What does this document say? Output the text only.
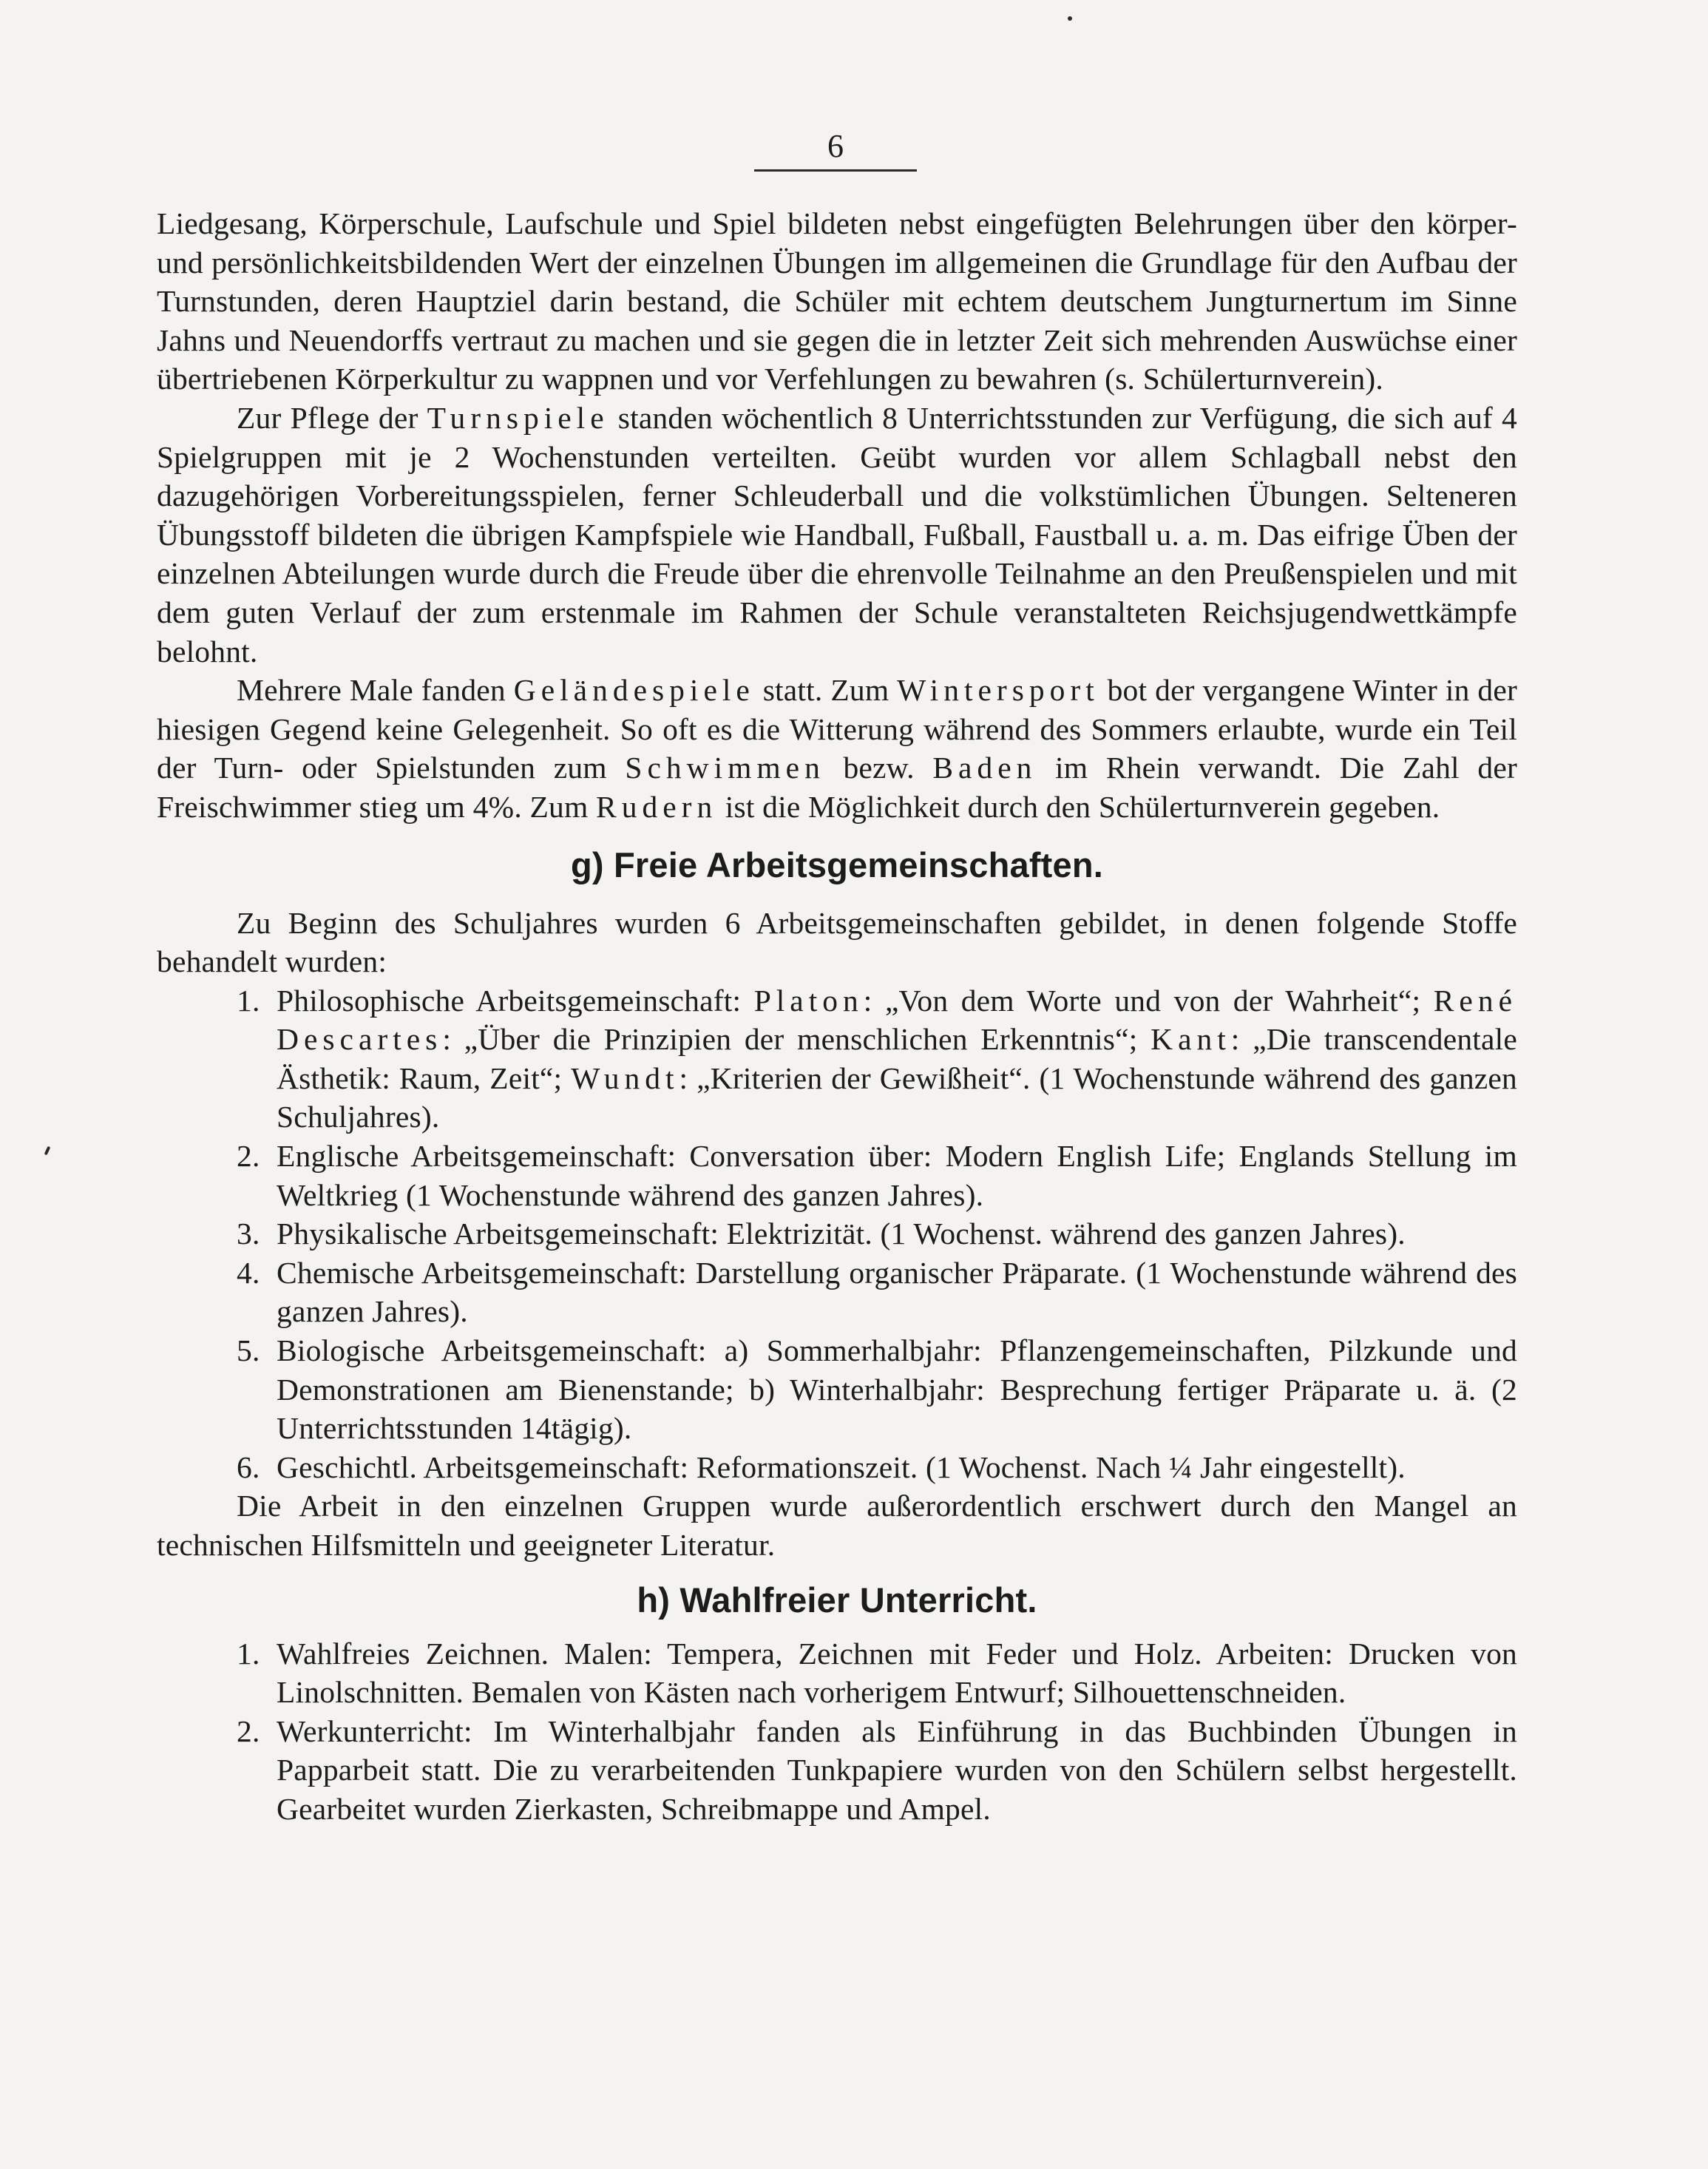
6

Liedgesang, Körperschule, Laufschule und Spiel bildeten nebst eingefügten Belehrungen über den körper- und persönlichkeitsbildenden Wert der einzelnen Übungen im allgemeinen die Grundlage für den Aufbau der Turnstunden, deren Hauptziel darin bestand, die Schüler mit echtem deutschem Jungturnertum im Sinne Jahns und Neuendorffs vertraut zu machen und sie gegen die in letzter Zeit sich mehrenden Auswüchse einer übertriebenen Körperkultur zu wappnen und vor Verfehlungen zu bewahren (s. Schülerturnverein).

Zur Pflege der Turnspiele standen wöchentlich 8 Unterrichtsstunden zur Verfügung, die sich auf 4 Spielgruppen mit je 2 Wochenstunden verteilten. Geübt wurden vor allem Schlagball nebst den dazugehörigen Vorbereitungsspielen, ferner Schleuderball und die volkstümlichen Übungen. Selteneren Übungsstoff bildeten die übrigen Kampfspiele wie Handball, Fußball, Faustball u. a. m. Das eifrige Üben der einzelnen Abteilungen wurde durch die Freude über die ehrenvolle Teilnahme an den Preußenspielen und mit dem guten Verlauf der zum erstenmale im Rahmen der Schule veranstalteten Reichsjugendwettkämpfe belohnt.

Mehrere Male fanden Geländespiele statt. Zum Wintersport bot der vergangene Winter in der hiesigen Gegend keine Gelegenheit. So oft es die Witterung während des Sommers erlaubte, wurde ein Teil der Turn- oder Spielstunden zum Schwimmen bezw. Baden im Rhein verwandt. Die Zahl der Freischwimmer stieg um 4%. Zum Rudern ist die Möglichkeit durch den Schülerturnverein gegeben.

g) Freie Arbeitsgemeinschaften.

Zu Beginn des Schuljahres wurden 6 Arbeitsgemeinschaften gebildet, in denen folgende Stoffe behandelt wurden:

1. Philosophische Arbeitsgemeinschaft: Platon: „Von dem Worte und von der Wahrheit“; René Descartes: „Über die Prinzipien der menschlichen Erkenntnis“; Kant: „Die transcendentale Ästhetik: Raum, Zeit“; Wundt: „Kriterien der Gewißheit“. (1 Wochenstunde während des ganzen Schuljahres).
2. Englische Arbeitsgemeinschaft: Conversation über: Modern English Life; Englands Stellung im Weltkrieg (1 Wochenstunde während des ganzen Jahres).
3. Physikalische Arbeitsgemeinschaft: Elektrizität. (1 Wochenst. während des ganzen Jahres).
4. Chemische Arbeitsgemeinschaft: Darstellung organischer Präparate. (1 Wochenstunde während des ganzen Jahres).
5. Biologische Arbeitsgemeinschaft: a) Sommerhalbjahr: Pflanzengemeinschaften, Pilzkunde und Demonstrationen am Bienenstande; b) Winterhalbjahr: Besprechung fertiger Präparate u. ä. (2 Unterrichtsstunden 14tägig).
6. Geschichtl. Arbeitsgemeinschaft: Reformationszeit. (1 Wochenst. Nach ¼ Jahr eingestellt).

Die Arbeit in den einzelnen Gruppen wurde außerordentlich erschwert durch den Mangel an technischen Hilfsmitteln und geeigneter Literatur.

h) Wahlfreier Unterricht.
1. Wahlfreies Zeichnen. Malen: Tempera, Zeichnen mit Feder und Holz. Arbeiten: Drucken von Linolschnitten. Bemalen von Kästen nach vorherigem Entwurf; Silhouettenschneiden.
2. Werkunterricht: Im Winterhalbjahr fanden als Einführung in das Buchbinden Übungen in Papparbeit statt. Die zu verarbeitenden Tunkpapiere wurden von den Schülern selbst hergestellt. Gearbeitet wurden Zierkasten, Schreibmappe und Ampel.
